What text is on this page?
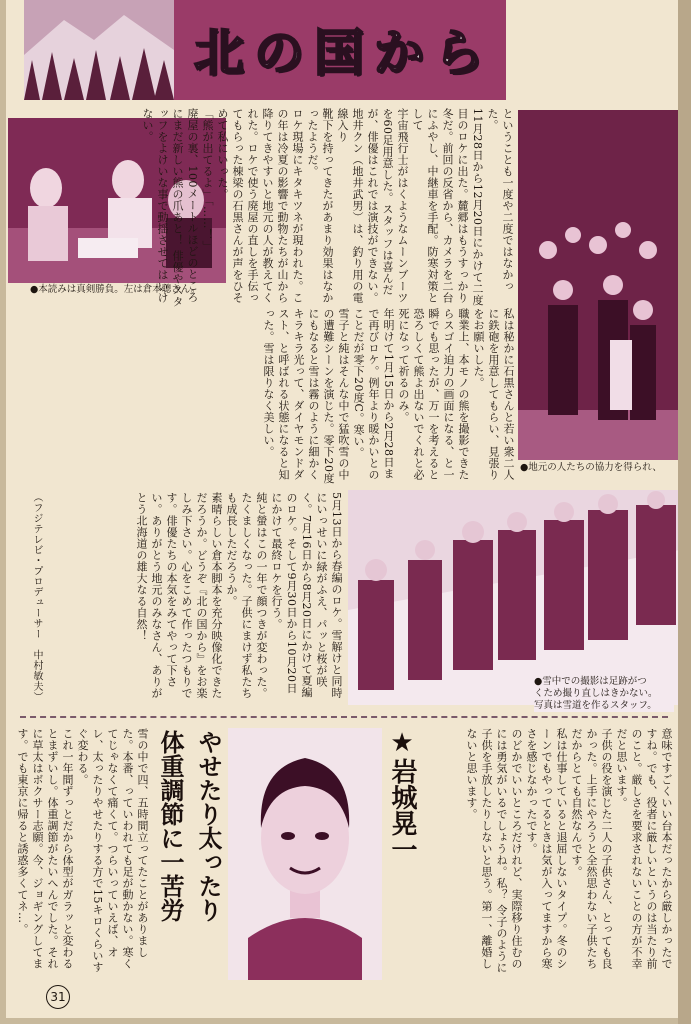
北の国から
●本読みは真剣勝負。左は倉本聰さん。
●地元の人たちの協力を得られ、
●雪中での撮影は足跡がつ
くため撮り直しはきかない。
写真は雪道を作るスタッフ。

ということも一度や二度ではなかった。

11月28日から12月20日にかけて二度目のロケに出た。麓郷はもうすっかり冬だ。前回の反省から、カメラを二台にふやし、中継車を手配。防寒対策として

宇宙飛行士がはくようなムーンブーツを60足用意した。スタッフは喜んだが、俳優はこれでは演技ができない。地井クン（地井武男）は、釣り用の電線入り

靴下を持ってきたがあまり効果はなかったようだ。

ロケ現場にキタキツネが現われた。この年は冷夏の影響で動物たちが山から降りてきやすいと地元の人が教えてくれた。ロケで使う廃屋の直しを手伝ってもらった棟梁の石黒さんが声をひそめて私にいった。

「熊が出てるよ」「……！」

廃屋の裏、100メートルほどのところにまだ新しい熊の爪あと！ 俳優やスタッフをよけいな事で動揺させてはいけない。

私は秘かに石黒さんと若い衆二人に鉄砲を用意してもらい、見張りをお願いした。

職業上、本モノの熊を撮影できたらスゴイ迫力の画面になる、と一瞬でも思ったが、万一を考えると恐ろしくて熊よ出ないでくれと必死になって祈るのみ。

年明けて1月15日から2月28日まで再びロケ。例年より暖かいとのことだが零下20度C。寒い。

雪子と純はそんな中で猛吹雪の中の遭難シーンを演じた。零下20度にもなると雪は霧のように細かくキラキラ光って、ダイヤモンドダスト、と呼ばれる状態になると知った。雪は限りなく美しい。

5月13日から春編のロケ。雪解けと同時にいっせいに緑がふえ、パッと桜が咲く。7月16日から8月20日にかけて夏編のロケ。そして9月30日から10月20日にかけて最終ロケを行う。

純と螢はこの一年で顔つきが変わった。たくましくなった。子供にまけず私たちも成長しただろうか。

素晴らしい倉本脚本を充分映像化できただろうか。どうぞ『北の国から』をお楽しみ下さい。心をこめて作ったつもりです。俳優たちの本気をみてやって下さい。ありがとう地元のみなさん、ありがとう北海道の雄大なる自然！

（フジテレビ・プロデューサー　中村敏夫）

意味ですごくいい台本だったから厳しかったですね。でも、役者に厳しいというのは当たり前のこと。厳しさを要求されないことの方が不幸だと思います。

子供の役を演じた二人の子供さん、とっても良かった。上手にやろうと全然思わない子供たちだからとても自然なんです。

私は仕事していると退屈しないタイプ。冬のシーンでもやってるときは気が入ってますから寒さを感じなかったです。

のどかでいいところだけれど、実際移り住むのには勇気がいるでしょうね。私？ 令子のように子供を手放したりしないと思う。第一、離婚しないと思います。

★岩城晃一
やせたり太ったり
体重調節に一苦労

雪の中で四、五時間立ってたことがありました。本番、っていわれても足が動かない。寒くてじゃなくて痛くて。つらいっていえば、オレ、太ったりやせたりする方で15キロくらいすぐ変わる。

これ一年間ずっとだから体型がガラッと変わるとまずいし。体重調節がたいへんでした。それに草太はボクサー志願。今、ジョギングしてます。でも東京に帰ると誘惑多くてネ…。

31
